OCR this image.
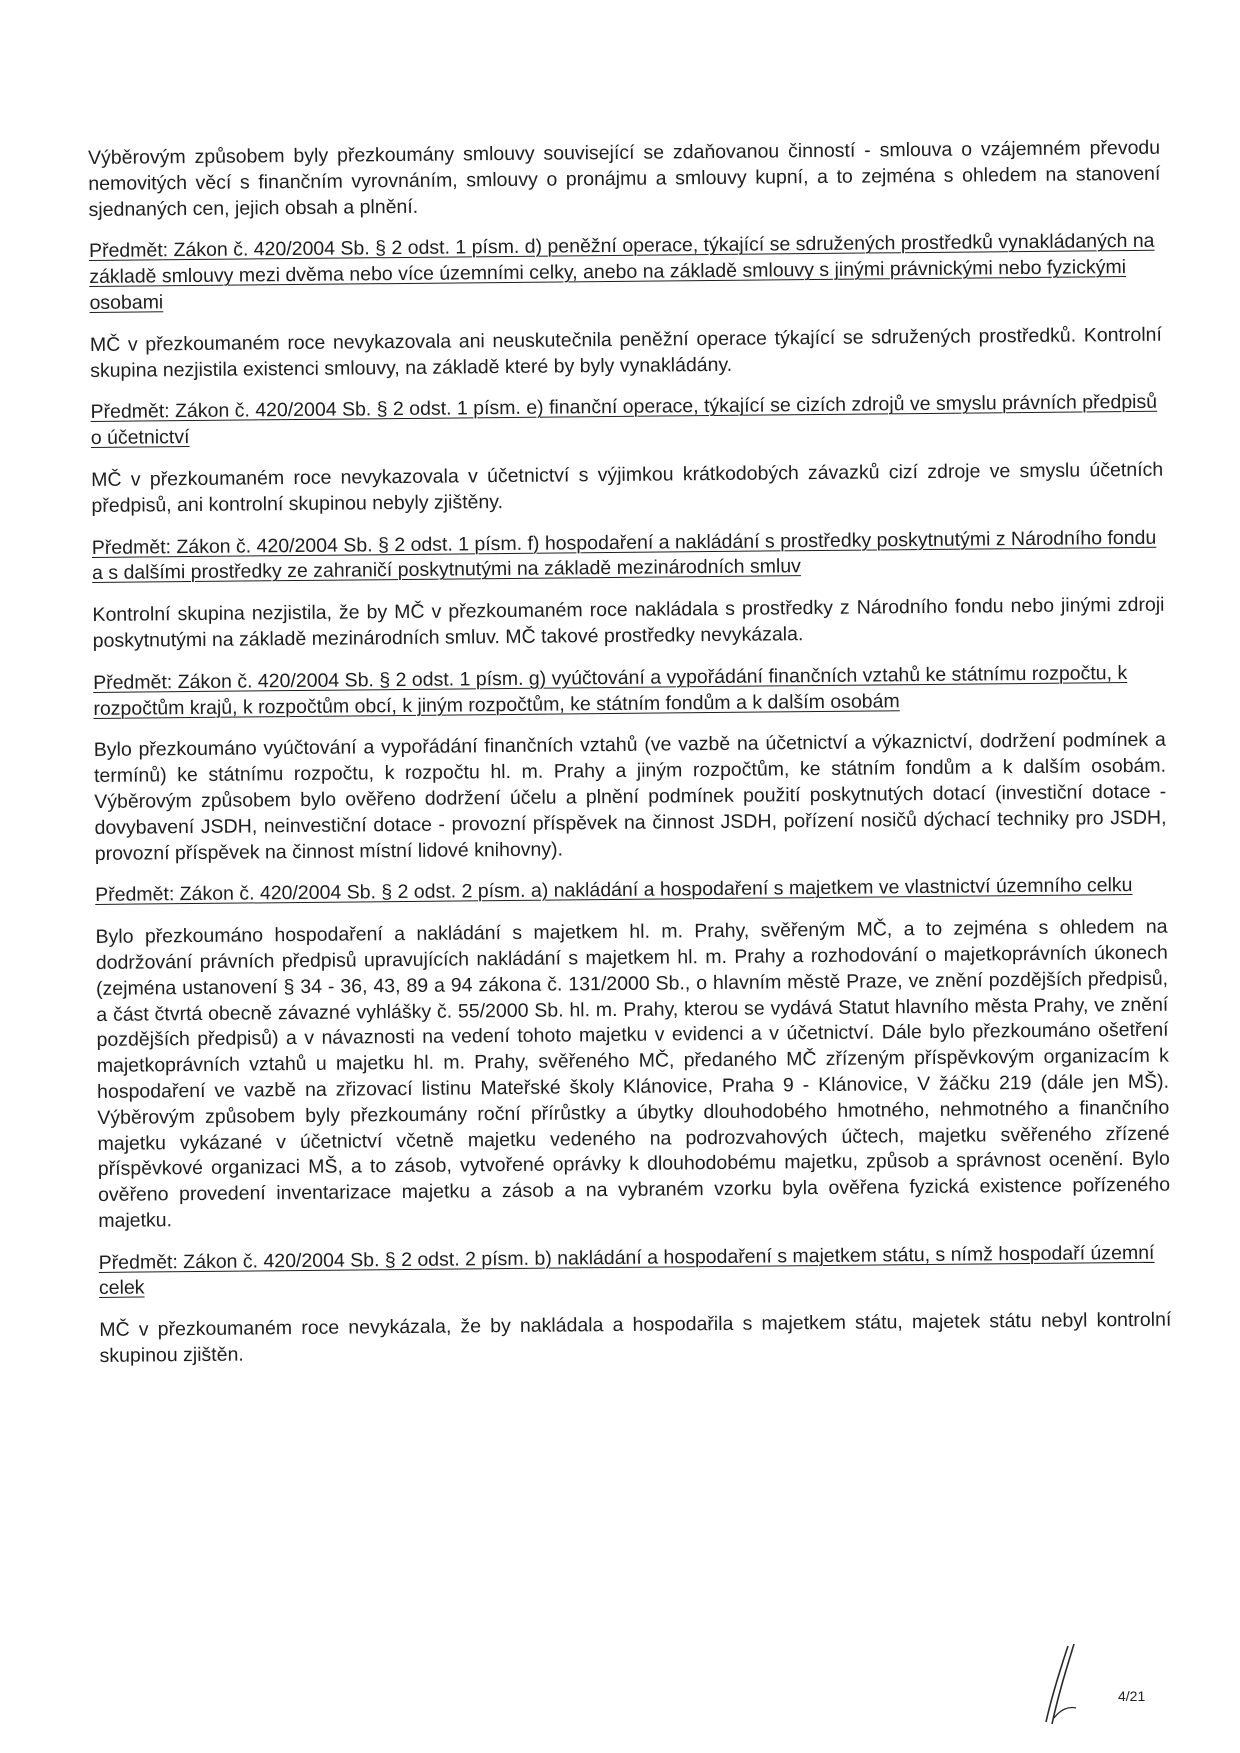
Výběrovým způsobem byly přezkoumány smlouvy související se zdaňovanou činností - smlouva o vzájemném převodu nemovitých věcí s finančním vyrovnáním, smlouvy o pronájmu a smlouvy kupní, a to zejména s ohledem na stanovení sjednaných cen, jejich obsah a plnění.

Předmět: Zákon č. 420/2004 Sb. § 2 odst. 1 písm. d) peněžní operace, týkající se sdružených prostředků vynakládaných na základě smlouvy mezi dvěma nebo více územními celky, anebo na základě smlouvy s jinými právnickými nebo fyzickými osobami

MČ v přezkoumaném roce nevykazovala ani neuskutečnila peněžní operace týkající se sdružených prostředků. Kontrolní skupina nezjistila existenci smlouvy, na základě které by byly vynakládány.

Předmět: Zákon č. 420/2004 Sb. § 2 odst. 1 písm. e) finanční operace, týkající se cizích zdrojů ve smyslu právních předpisů o účetnictví

MČ v přezkoumaném roce nevykazovala v účetnictví s výjimkou krátkodobých závazků cizí zdroje ve smyslu účetních předpisů, ani kontrolní skupinou nebyly zjištěny.

Předmět: Zákon č. 420/2004 Sb. § 2 odst. 1 písm. f) hospodaření a nakládání s prostředky poskytnutými z Národního fondu a s dalšími prostředky ze zahraničí poskytnutými na základě mezinárodních smluv

Kontrolní skupina nezjistila, že by MČ v přezkoumaném roce nakládala s prostředky z Národního fondu nebo jinými zdroji poskytnutými na základě mezinárodních smluv. MČ takové prostředky nevykázala.

Předmět: Zákon č. 420/2004 Sb. § 2 odst. 1 písm. g) vyúčtování a vypořádání finančních vztahů ke státnímu rozpočtu, k rozpočtům krajů, k rozpočtům obcí, k jiným rozpočtům, ke státním fondům a k dalším osobám

Bylo přezkoumáno vyúčtování a vypořádání finančních vztahů (ve vazbě na účetnictví a výkaznictví, dodržení podmínek a termínů) ke státnímu rozpočtu, k rozpočtu hl. m. Prahy a jiným rozpočtům, ke státním fondům a k dalším osobám. Výběrovým způsobem bylo ověřeno dodržení účelu a plnění podmínek použití poskytnutých dotací (investiční dotace - dovybavení JSDH, neinvestiční dotace - provozní příspěvek na činnost JSDH, pořízení nosičů dýchací techniky pro JSDH, provozní příspěvek na činnost místní lidové knihovny).

Předmět: Zákon č. 420/2004 Sb. § 2 odst. 2 písm. a) nakládání a hospodaření s majetkem ve vlastnictví územního celku

Bylo přezkoumáno hospodaření a nakládání s majetkem hl. m. Prahy, svěřeným MČ, a to zejména s ohledem na dodržování právních předpisů upravujících nakládání s majetkem hl. m. Prahy a rozhodování o majetkoprávních úkonech (zejména ustanovení § 34 - 36, 43, 89 a 94 zákona č. 131/2000 Sb., o hlavním městě Praze, ve znění pozdějších předpisů, a část čtvrtá obecně závazné vyhlášky č. 55/2000 Sb. hl. m. Prahy, kterou se vydává Statut hlavního města Prahy, ve znění pozdějších předpisů) a v návaznosti na vedení tohoto majetku v evidenci a v účetnictví. Dále bylo přezkoumáno ošetření majetkoprávních vztahů u majetku hl. m. Prahy, svěřeného MČ, předaného MČ zřízeným příspěvkovým organizacím k hospodaření ve vazbě na zřizovací listinu Mateřské školy Klánovice, Praha 9 - Klánovice, V žáčku 219 (dále jen MŠ). Výběrovým způsobem byly přezkoumány roční přírůstky a úbytky dlouhodobého hmotného, nehmotného a finančního majetku vykázané v účetnictví včetně majetku vedeného na podrozvahových účtech, majetku svěřeného zřízené příspěvkové organizaci MŠ, a to zásob, vytvořené oprávky k dlouhodobému majetku, způsob a správnost ocenění. Bylo ověřeno provedení inventarizace majetku a zásob a na vybraném vzorku byla ověřena fyzická existence pořízeného majetku.

Předmět: Zákon č. 420/2004 Sb. § 2 odst. 2 písm. b) nakládání a hospodaření s majetkem státu, s nímž hospodaří územní celek

MČ v přezkoumaném roce nevykázala, že by nakládala a hospodařila s majetkem státu, majetek státu nebyl kontrolní skupinou zjištěn.

4/21
